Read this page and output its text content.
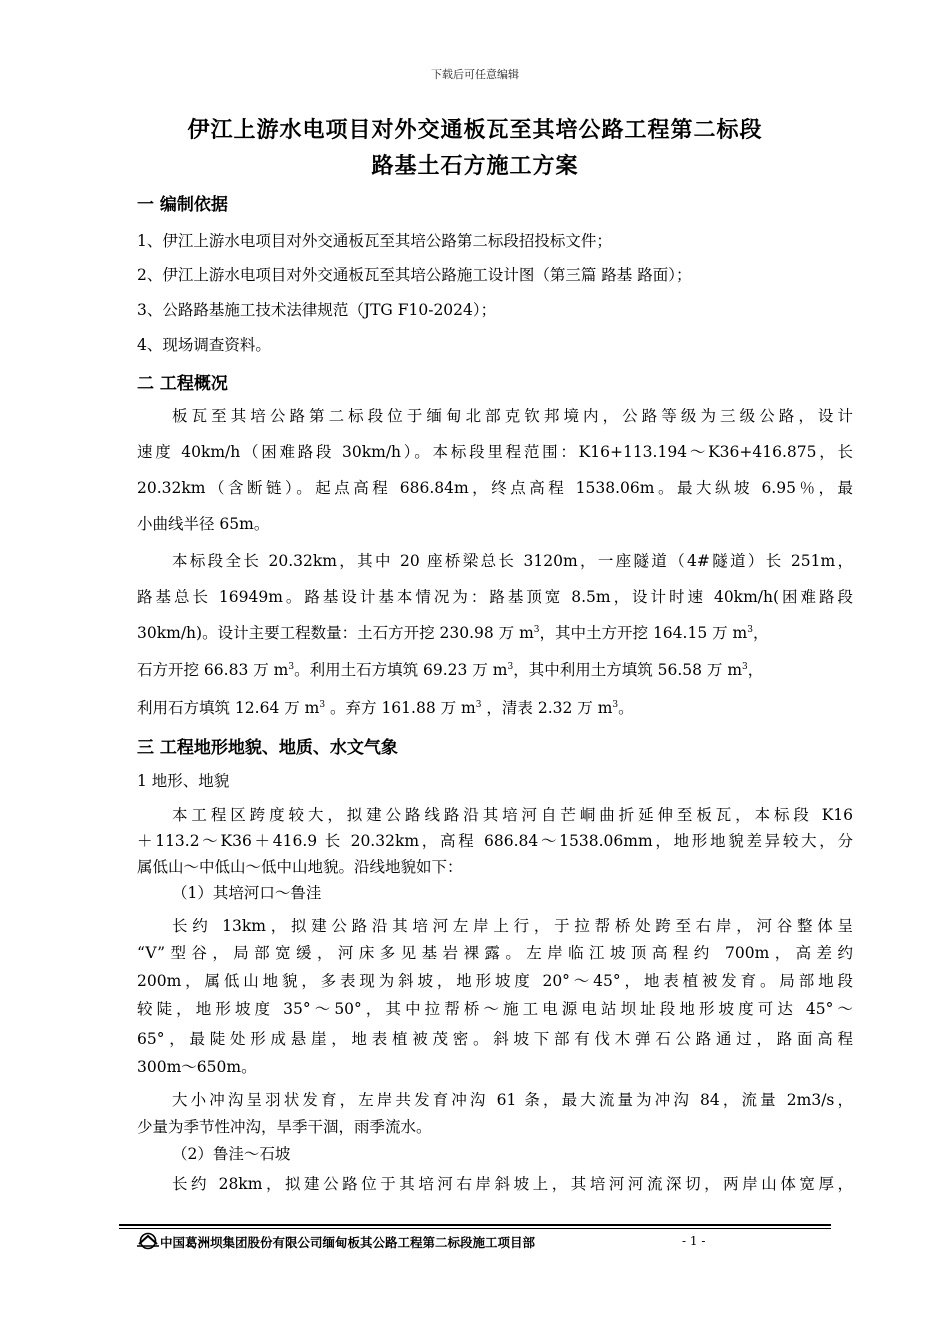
下载后可任意编辑
伊江上游水电项目对外交通板瓦至其培公路工程第二标段
路基土石方施工方案
一 编制依据
1、伊江上游水电项目对外交通板瓦至其培公路第二标段招投标文件；
2、伊江上游水电项目对外交通板瓦至其培公路施工设计图（第三篇 路基 路面）；
3、公路路基施工技术法律规范（JTG F10-2024）；
4、现场调查资料。
二 工程概况
板瓦至其培公路第二标段位于缅甸北部克钦邦境内，公路等级为三级公路，设计
速度 40km/h（困难路段 30km/h）。本标段里程范围：K16+113.194～K36+416.875，长
20.32km（含断链）。起点高程 686.84m，终点高程 1538.06m。最大纵坡 6.95％，最
小曲线半径 65m。
本标段全长 20.32km，其中 20 座桥梁总长 3120m，一座隧道（4#隧道）长 251m，
路基总长 16949m。路基设计基本情况为：路基顶宽 8.5m，设计时速 40km/h(困难路段
30km/h)。设计主要工程数量：土石方开挖 230.98 万 $m^3$，其中土方开挖 164.15 万 $m^3$，
石方开挖 66.83 万 $m^3$。利用土石方填筑 69.23 万 $m^3$，其中利用土方填筑 56.58 万 $m^3$，
利用石方填筑 12.64 万 $m^3$ 。弃方 161.88 万 $m^3$ ，清表 2.32 万 $m^3$。
三 工程地形地貌、地质、水文气象
1 地形、地貌
本工程区跨度较大，拟建公路线路沿其培河自芒峒曲折延伸至板瓦，本标段 K16
＋113.2～K36＋416.9 长 20.32km，高程 686.84～1538.06mm，地形地貌差异较大，分
属低山～中低山～低中山地貌。沿线地貌如下：
（1）其培河口～鲁洼
长约 13km，拟建公路沿其培河左岸上行，于拉帮桥处跨至右岸，河谷整体呈
“V”型谷，局部宽缓，河床多见基岩裸露。左岸临江坡顶高程约 700m，高差约
200m，属低山地貌，多表现为斜坡，地形坡度 20°～45°，地表植被发育。局部地段
较陡，地形坡度 35°～50°，其中拉帮桥～施工电源电站坝址段地形坡度可达 45°～
65°，最陡处形成悬崖，地表植被茂密。斜坡下部有伐木弹石公路通过，路面高程
300m～650m。
大小冲沟呈羽状发育，左岸共发育冲沟 61 条，最大流量为冲沟 84，流量 2m3/s，
少量为季节性冲沟，旱季干涸，雨季流水。
（2）鲁洼～石坡
长约 28km，拟建公路位于其培河右岸斜坡上，其培河河流深切，两岸山体宽厚，
中国葛洲坝集团股份有限公司缅甸板其公路工程第二标段施工项目部	- 1 -
